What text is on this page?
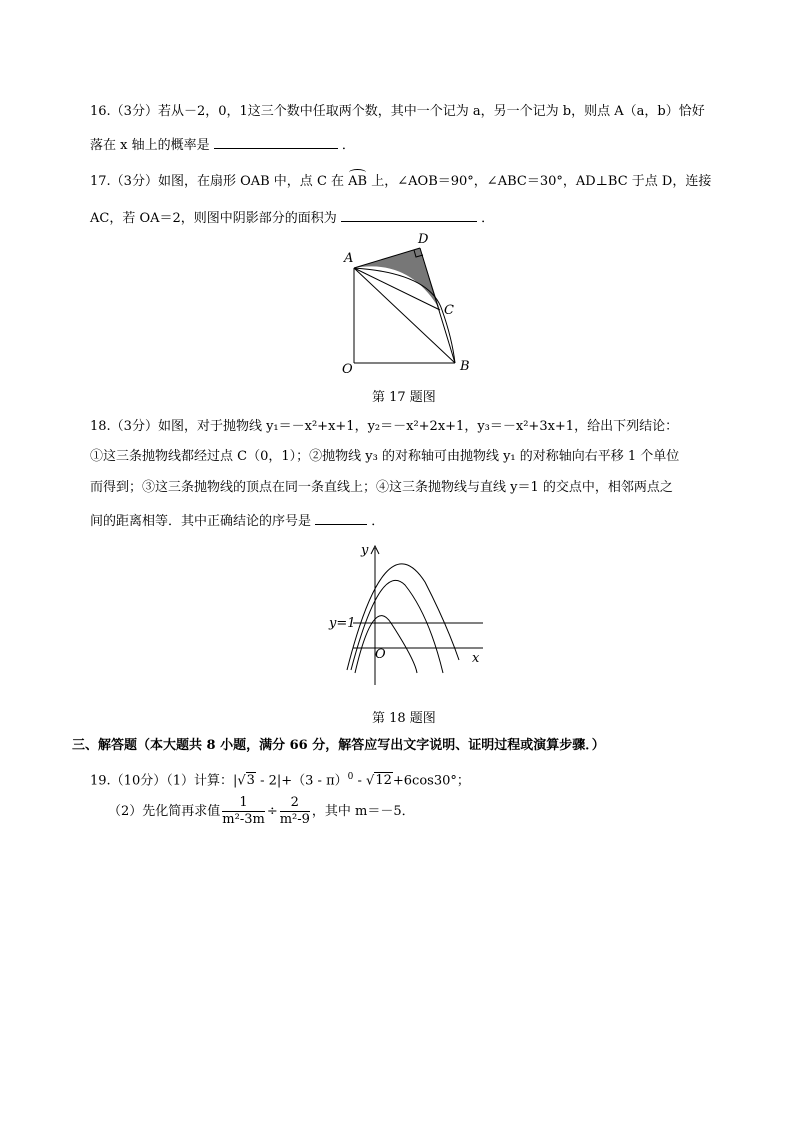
16.（3分）若从－2，0，1这三个数中任取两个数，其中一个记为 a，另一个记为 b，则点 A（a，b）恰好
落在 x 轴上的概率是	．
17.（3分）如图，在扇形 OAB 中，点 C 在 AB 上，∠AOB＝90°，∠ABC＝30°，AD⊥BC 于点 D，连接
AC，若 OA＝2，则图中阴影部分的面积为	．
A
D
C
B
O
第 17 题图
18.（3分）如图，对于抛物线 y₁＝－x²+x+1，y₂＝－x²+2x+1，y₃＝－x²+3x+1，给出下列结论：
①这三条抛物线都经过点 C（0，1）；②抛物线 y₃ 的对称轴可由抛物线 y₁ 的对称轴向右平移 1 个单位
而得到；③这三条抛物线的顶点在同一条直线上；④这三条抛物线与直线 y＝1 的交点中，相邻两点之
间的距离相等．其中正确结论的序号是	．
y
x
O
y=1
第 18 题图
三、解答题（本大题共 8 小题，满分 66 分，解答应写出文字说明、证明过程或演算步骤．）
19.（10分）（1）计算：|√3 - 2|+（3 - π）$^0$ - √12+6cos30°；
（2）先化简再求值 $\frac{1}{\text{m²-3m}} \div \frac{2}{\text{m²-9}}$ ，其中 m＝－5．
